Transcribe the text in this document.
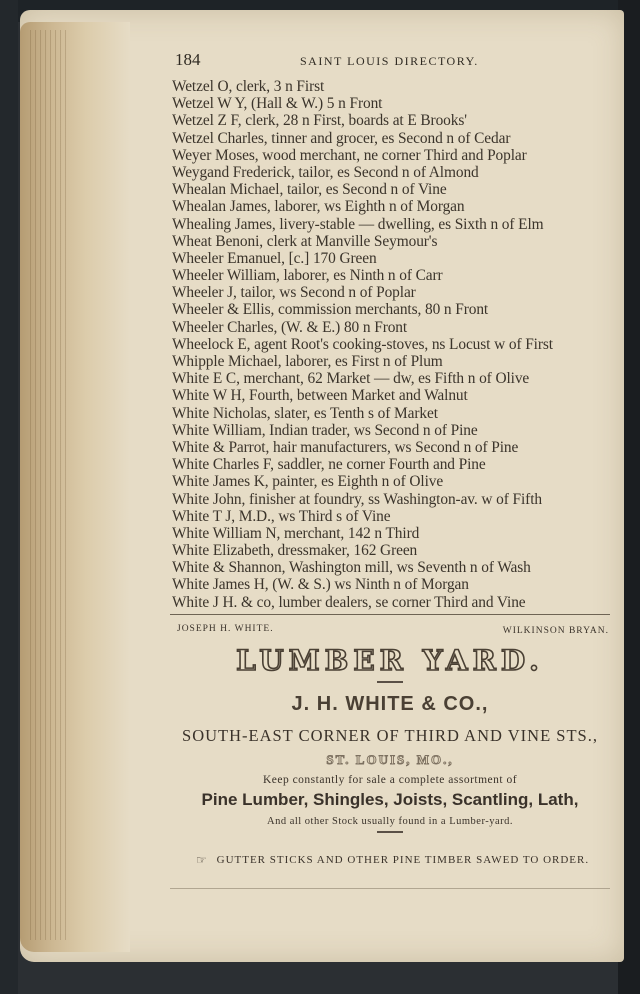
184	SAINT LOUIS DIRECTORY.
Wetzel O, clerk, 3 n First
Wetzel W Y, (Hall & W.) 5 n Front
Wetzel Z F, clerk, 28 n First, boards at E Brooks'
Wetzel Charles, tinner and grocer, es Second n of Cedar
Weyer Moses, wood merchant, ne corner Third and Poplar
Weygand Frederick, tailor, es Second n of Almond
Whealan Michael, tailor, es Second n of Vine
Whealan James, laborer, ws Eighth n of Morgan
Whealing James, livery-stable — dwelling, es Sixth n of Elm
Wheat Benoni, clerk at Manville Seymour's
Wheeler Emanuel, [c.] 170 Green
Wheeler William, laborer, es Ninth n of Carr
Wheeler J, tailor, ws Second n of Poplar
Wheeler & Ellis, commission merchants, 80 n Front
Wheeler Charles, (W. & E.) 80 n Front
Wheelock E, agent Root's cooking-stoves, ns Locust w of First
Whipple Michael, laborer, es First n of Plum
White E C, merchant, 62 Market — dw, es Fifth n of Olive
White W H, Fourth, between Market and Walnut
White Nicholas, slater, es Tenth s of Market
White William, Indian trader, ws Second n of Pine
White & Parrot, hair manufacturers, ws Second n of Pine
White Charles F, saddler, ne corner Fourth and Pine
White James K, painter, es Eighth n of Olive
White John, finisher at foundry, ss Washington-av. w of Fifth
White T J, M.D., ws Third s of Vine
White William N, merchant, 142 n Third
White Elizabeth, dressmaker, 162 Green
White & Shannon, Washington mill, ws Seventh n of Wash
White James H, (W. & S.) ws Ninth n of Morgan
White J H. & co, lumber dealers, se corner Third and Vine
JOSEPH H. WHITE.	WILKINSON BRYAN.
LUMBER YARD.
J. H. WHITE & CO.,
SOUTH-EAST CORNER OF THIRD AND VINE STS.,
ST. LOUIS, MO.,
Keep constantly for sale a complete assortment of
Pine Lumber, Shingles, Joists, Scantling, Lath,
And all other Stock usually found in a Lumber-yard.
☞ GUTTER STICKS AND OTHER PINE TIMBER SAWED TO ORDER.
